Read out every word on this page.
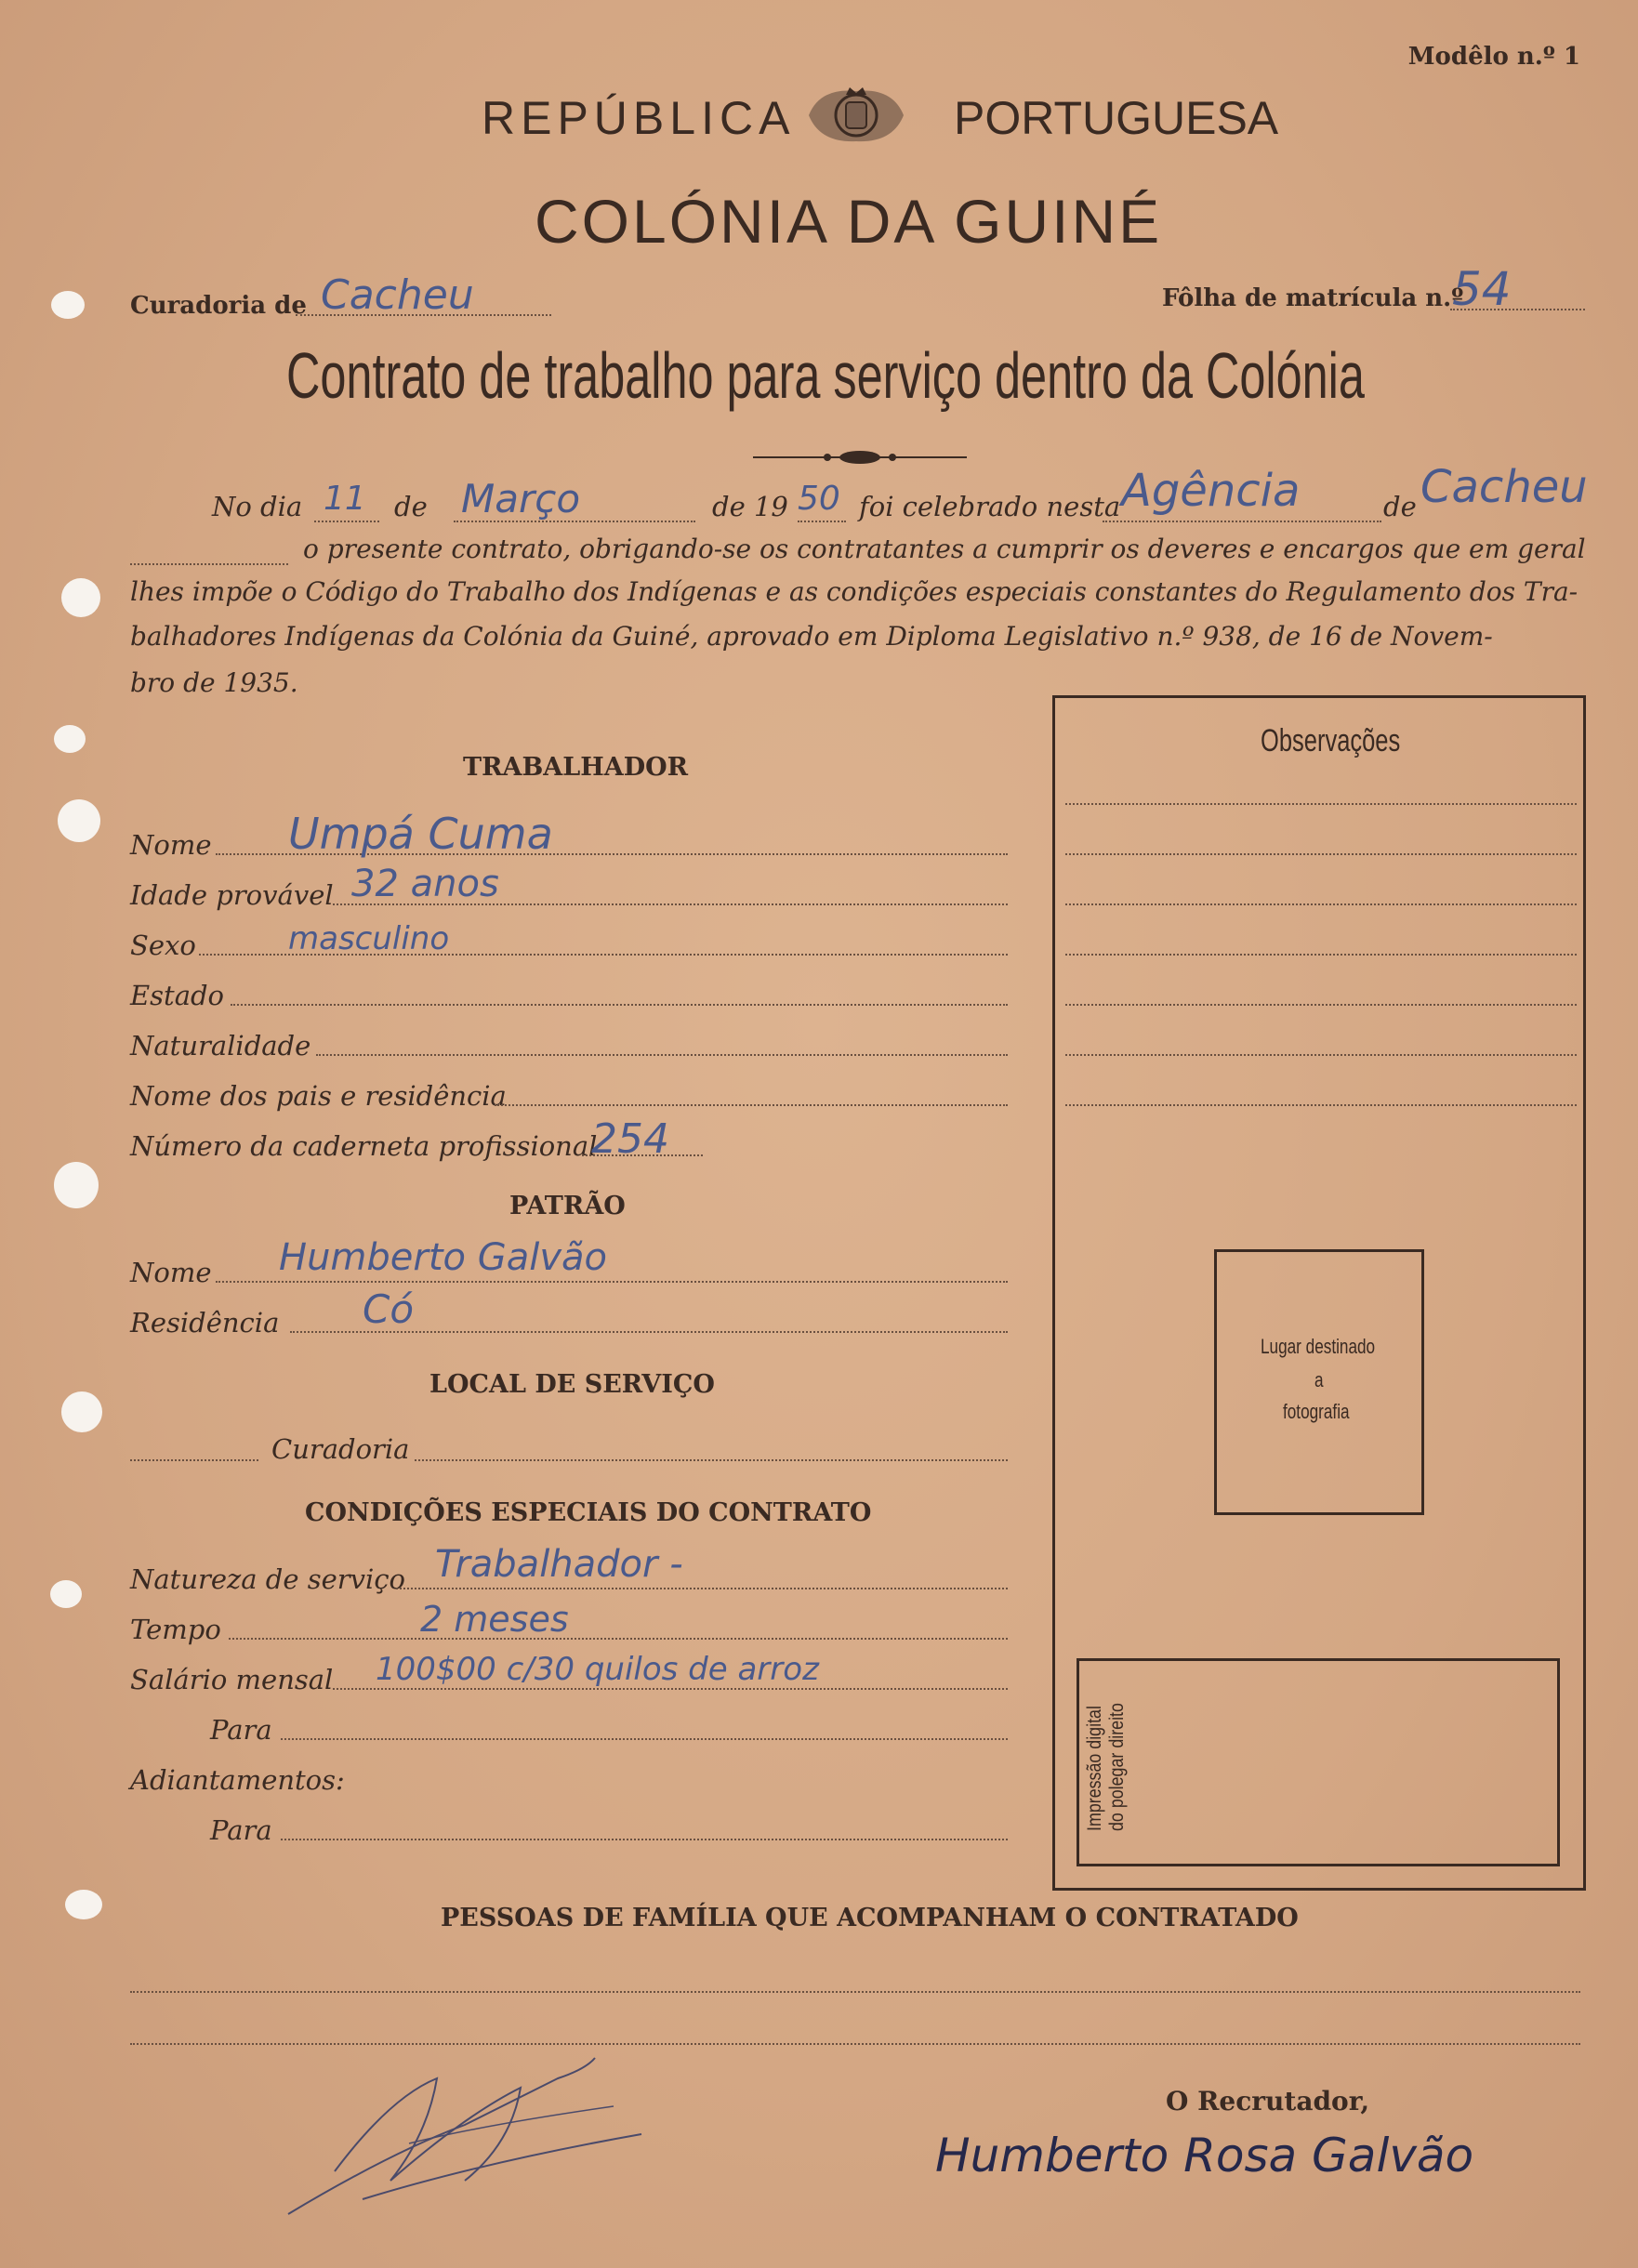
Modêlo n.º 1
REPÚBLICA	PORTUGUESA
COLÓNIA DA GUINÉ
Curadoria de Cacheu	Fôlha de matrícula n.º
54
Contrato de trabalho para serviço dentro da Colónia
No dia 11 de Março	de 19 50 foi celebrado nesta Agência	de Cacheu
o presente contrato, obrigando-se os contratantes a cumprir os deveres e encargos que em geral
lhes impõe o Código do Trabalho dos Indígenas e as condições especiais constantes do Regulamento dos Tra-
balhadores Indígenas da Colónia da Guiné, aprovado em Diploma Legislativo n.º 938, de 16 de Novem-
bro de 1935.
TRABALHADOR
Nome Umpá Cuma
Idade provável 32 anos
Sexo	masculino
Estado
Naturalidade
Nome dos pais e residência
Número da caderneta profissional
254
PATRÃO
Nome Humberto Galvão
Residência Có
LOCAL DE SERVIÇO
Curadoria
CONDIÇÕES ESPECIAIS DO CONTRATO
Natureza de serviço Trabalhador -
Tempo	2 meses
Salário mensal 100$00 c/30 quilos de arroz
Para
Adiantamentos:
Para
Observações
Lugar destinado
a
fotografia
Impressão digital do polegar direito
PESSOAS DE FAMÍLIA QUE ACOMPANHAM O CONTRATADO
O Recrutador,
Humberto Rosa Galvão
